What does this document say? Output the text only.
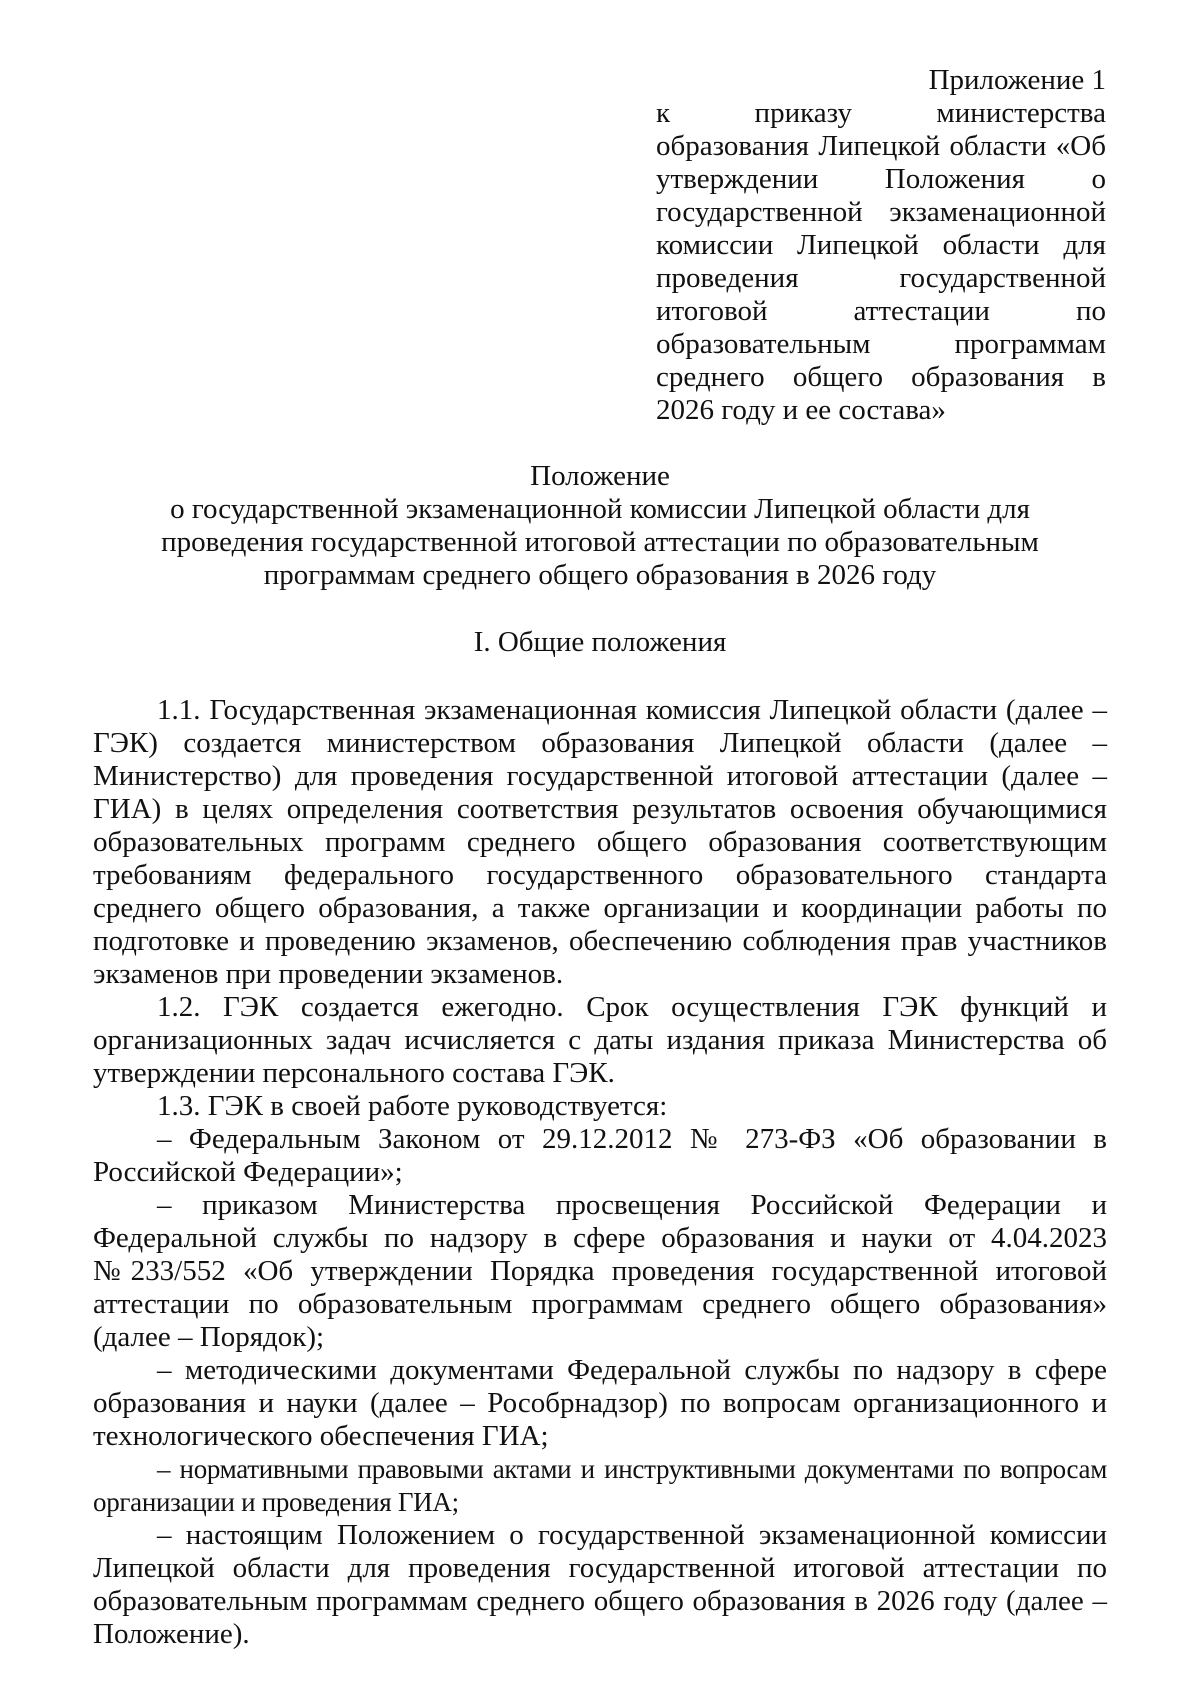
Приложение 1
к приказу министерства образования Липецкой области «Об утверждении Положения о государственной экзаменационной комиссии Липецкой области для проведения государственной итоговой аттестации по образовательным программам среднего общего образования в 2026 году и ее состава»
Положение
о государственной экзаменационной комиссии Липецкой области для проведения государственной итоговой аттестации по образовательным программам среднего общего образования в 2026 году
I. Общие положения

1.1. Государственная экзаменационная комиссия Липецкой области (далее – ГЭК) создается министерством образования Липецкой области (далее – Министерство) для проведения государственной итоговой аттестации (далее – ГИА) в целях определения соответствия результатов освоения обучающимися образовательных программ среднего общего образования соответствующим требованиям федерального государственного образовательного стандарта среднего общего образования, а также организации и координации работы по подготовке и проведению экзаменов, обеспечению соблюдения прав участников экзаменов при проведении экзаменов.

1.2. ГЭК создается ежегодно. Срок осуществления ГЭК функций и организационных задач исчисляется с даты издания приказа Министерства об утверждении персонального состава ГЭК.

1.3. ГЭК в своей работе руководствуется:

– Федеральным Законом от 29.12.2012 № 273-ФЗ «Об образовании в Российской Федерации»;

– приказом Министерства просвещения Российской Федерации и Федеральной службы по надзору в сфере образования и науки от 4.04.2023 №233/552 «Об утверждении Порядка проведения государственной итоговой аттестации по образовательным программам среднего общего образования» (далее – Порядок);

– методическими документами Федеральной службы по надзору в сфере образования и науки (далее – Рособрнадзор) по вопросам организационного и технологического обеспечения ГИА;

– нормативными правовыми актами и инструктивными документами по вопросам организации и проведения ГИА;

– настоящим Положением о государственной экзаменационной комиссии Липецкой области для проведения государственной итоговой аттестации по образовательным программам среднего общего образования в 2026 году (далее – Положение).
